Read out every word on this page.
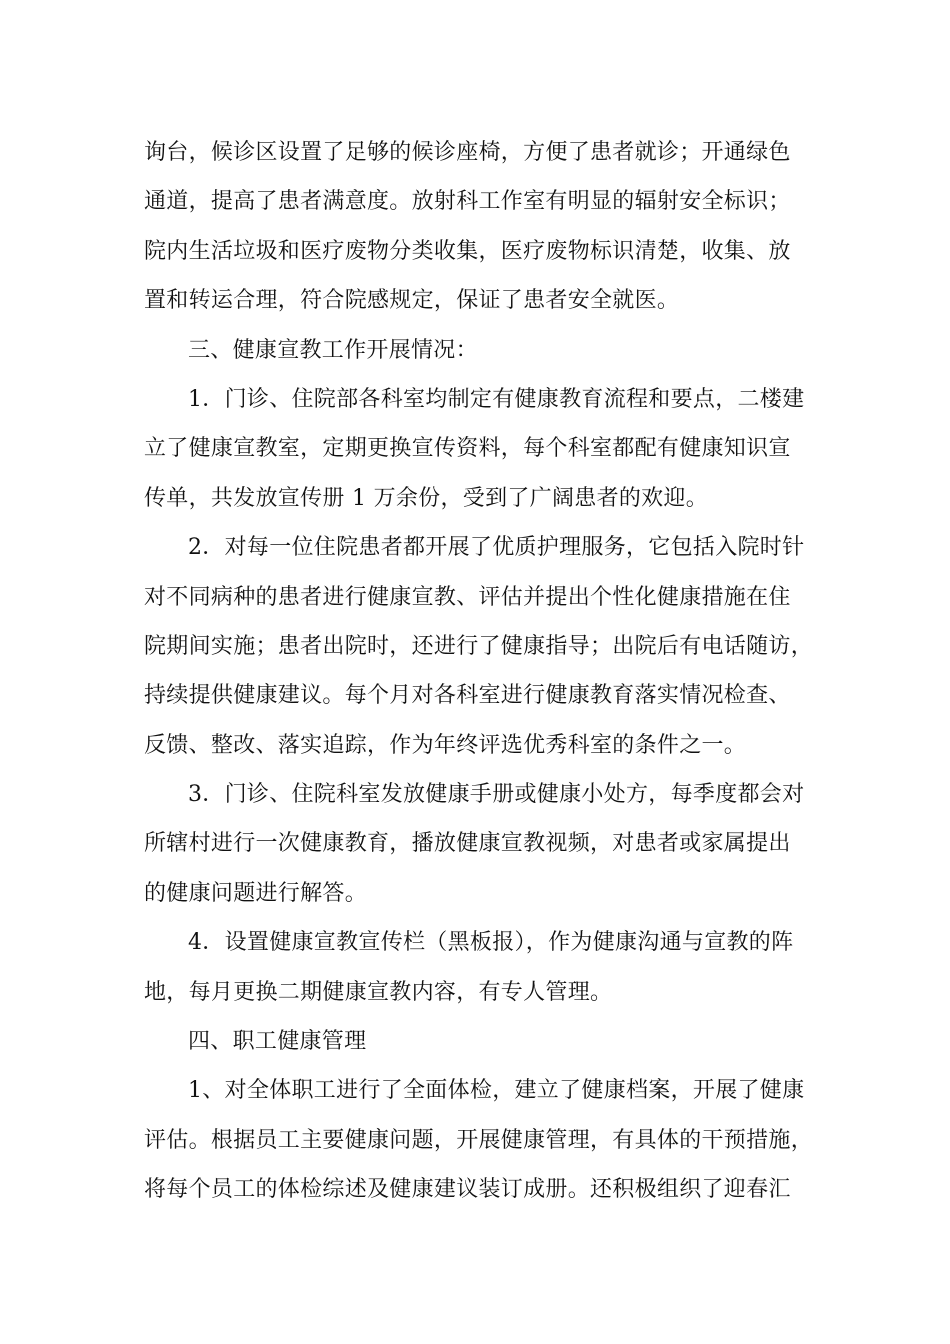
询台，候诊区设置了足够的候诊座椅，方便了患者就诊；开通绿色
通道，提高了患者满意度。放射科工作室有明显的辐射安全标识；
院内生活垃圾和医疗废物分类收集，医疗废物标识清楚，收集、放
置和转运合理，符合院感规定，保证了患者安全就医。
三、健康宣教工作开展情况：
1．门诊、住院部各科室均制定有健康教育流程和要点，二楼建
立了健康宣教室，定期更换宣传资料，每个科室都配有健康知识宣
传单，共发放宣传册 1 万余份，受到了广阔患者的欢迎。
2．对每一位住院患者都开展了优质护理服务，它包括入院时针
对不同病种的患者进行健康宣教、评估并提出个性化健康措施在住
院期间实施；患者出院时，还进行了健康指导；出院后有电话随访，
持续提供健康建议。每个月对各科室进行健康教育落实情况检查、
反馈、整改、落实追踪，作为年终评选优秀科室的条件之一。
3．门诊、住院科室发放健康手册或健康小处方，每季度都会对
所辖村进行一次健康教育，播放健康宣教视频，对患者或家属提出
的健康问题进行解答。
4．设置健康宣教宣传栏（黑板报），作为健康沟通与宣教的阵
地，每月更换二期健康宣教内容，有专人管理。
四、职工健康管理
1、对全体职工进行了全面体检，建立了健康档案，开展了健康
评估。根据员工主要健康问题，开展健康管理，有具体的干预措施，
将每个员工的体检综述及健康建议装订成册。还积极组织了迎春汇
